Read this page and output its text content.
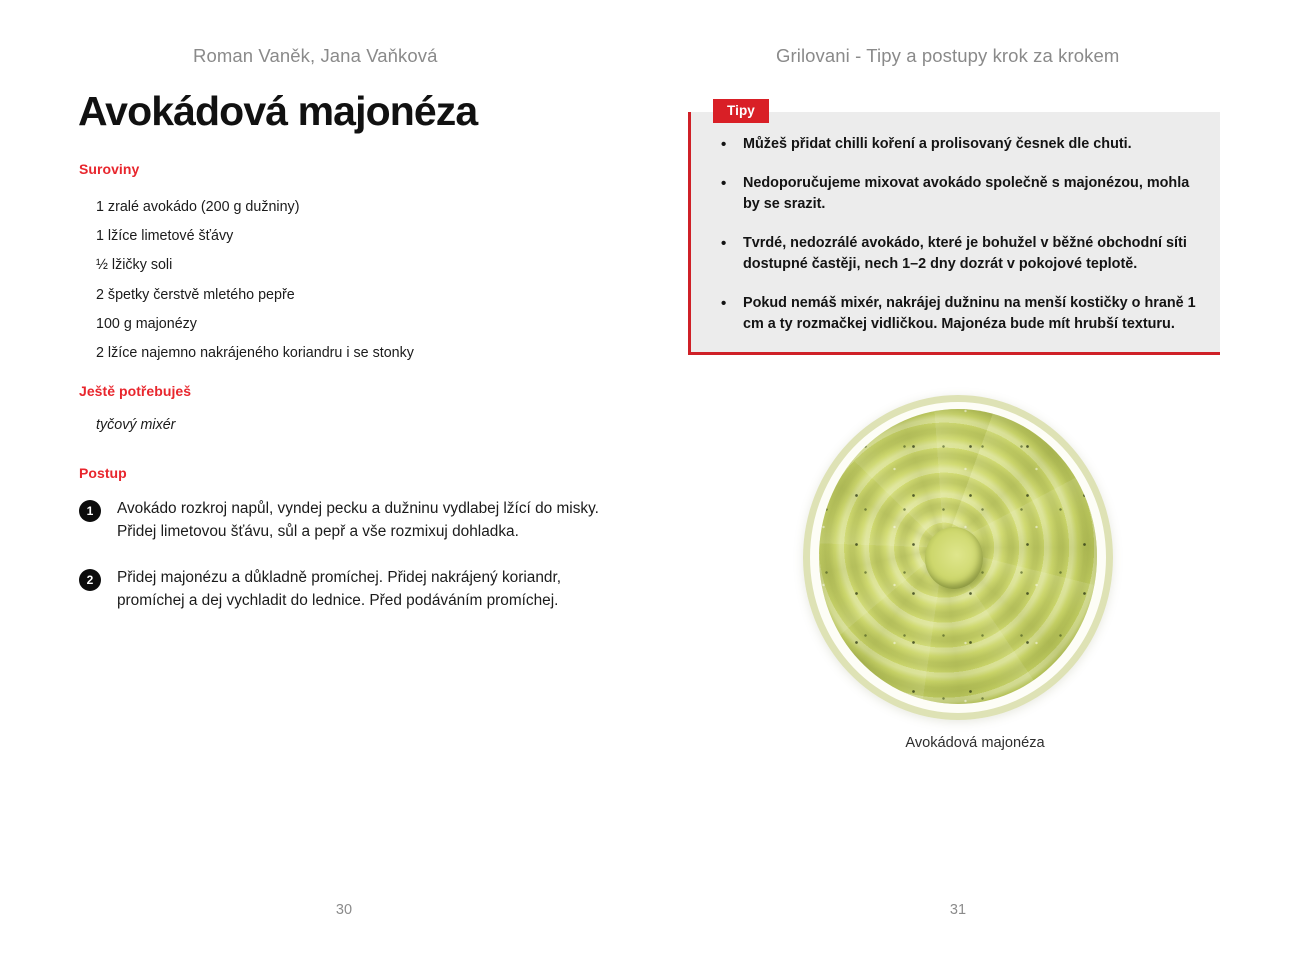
Roman Vaněk, Jana Vaňková
Avokádová majonéza
Suroviny
1 zralé avokádo (200 g dužniny)
1 lžíce limetové šťávy
½ lžičky soli
2 špetky čerstvě mletého pepře
100 g majonézy
2 lžíce najemno nakrájeného koriandru i se stonky
Ještě potřebuješ
tyčový mixér
Postup
1	Avokádo rozkroj napůl, vyndej pecku a dužninu vydlabej lžící do misky. Přidej limetovou šťávu, sůl a pepř a vše rozmixuj dohladka.
2	Přidej majonézu a důkladně promíchej. Přidej nakrájený koriandr, promíchej a dej vychladit do lednice. Před podáváním promíchej.
30
Grilovani - Tipy a postupy krok za krokem
Tipy
• Můžeš přidat chilli koření a prolisovaný česnek dle chuti.
• Nedoporučujeme mixovat avokádo společně s majonézou, mohla by se srazit.
• Tvrdé, nedozrálé avokádo, které je bohužel v běžné obchodní síti dostupné častěji, nech 1–2 dny dozrát v pokojové teplotě.
• Pokud nemáš mixér, nakrájej dužninu na menší kostičky o hraně 1 cm a ty rozmačkej vidličkou. Majonéza bude mít hrubší texturu.
Avokádová majonéza
31
